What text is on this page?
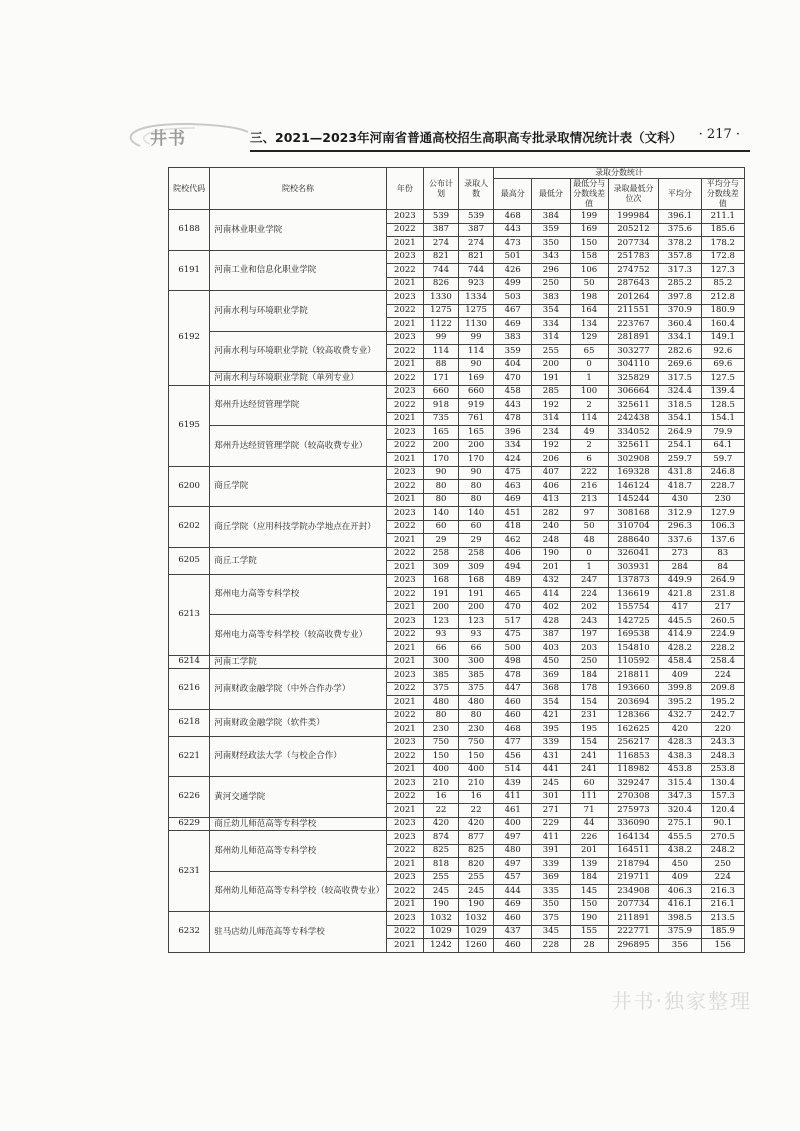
井书	三、2021—2023年河南省普通高校招生高职高专批录取情况统计表（文科） · 217 ·
院校代码	院校名称	年份	公布计划	录取人数	录取分数统计					
					最高分	最低分	最低分与分数线差值	录取最低分位次	平均分	平均分与分数线差值
6188	河南林业职业学院	2023	539	539	468	384	199	199984	396.1	211.1
		2022	387	387	443	359	169	205212	375.6	185.6
		2021	274	274	473	350	150	207734	378.2	178.2
6191	河南工业和信息化职业学院	2023	821	821	501	343	158	251783	357.8	172.8
		2022	744	744	426	296	106	274752	317.3	127.3
		2021	826	923	499	250	50	287643	285.2	85.2
6192	河南水利与环境职业学院	2023	1330	1334	503	383	198	201264	397.8	212.8
		2022	1275	1275	467	354	164	211551	370.9	180.9
		2021	1122	1130	469	334	134	223767	360.4	160.4
	河南水利与环境职业学院（较高收费专业）	2023	99	99	383	314	129	281891	334.1	149.1
		2022	114	114	359	255	65	303277	282.6	92.6
		2021	88	90	404	200	0	304110	269.6	69.6
	河南水利与环境职业学院（单列专业）	2022	171	169	470	191	1	325829	317.5	127.5
6195	郑州升达经贸管理学院	2023	660	660	458	285	100	306664	324.4	139.4
		2022	918	919	443	192	2	325611	318.5	128.5
		2021	735	761	478	314	114	242438	354.1	154.1
	郑州升达经贸管理学院（较高收费专业）	2023	165	165	396	234	49	334052	264.9	79.9
		2022	200	200	334	192	2	325611	254.1	64.1
		2021	170	170	424	206	6	302908	259.7	59.7
6200	商丘学院	2023	90	90	475	407	222	169328	431.8	246.8
		2022	80	80	463	406	216	146124	418.7	228.7
		2021	80	80	469	413	213	145244	430	230
6202	商丘学院（应用科技学院办学地点在开封）	2023	140	140	451	282	97	308168	312.9	127.9
		2022	60	60	418	240	50	310704	296.3	106.3
		2021	29	29	462	248	48	288640	337.6	137.6
6205	商丘工学院	2022	258	258	406	190	0	326041	273	83
		2021	309	309	494	201	1	303931	284	84
6213	郑州电力高等专科学校	2023	168	168	489	432	247	137873	449.9	264.9
		2022	191	191	465	414	224	136619	421.8	231.8
		2021	200	200	470	402	202	155754	417	217
	郑州电力高等专科学校（较高收费专业）	2023	123	123	517	428	243	142725	445.5	260.5
		2022	93	93	475	387	197	169538	414.9	224.9
		2021	66	66	500	403	203	154810	428.2	228.2
6214	河南工学院	2021	300	300	498	450	250	110592	458.4	258.4
6216	河南财政金融学院（中外合作办学）	2023	385	385	478	369	184	218811	409	224
		2022	375	375	447	368	178	193660	399.8	209.8
		2021	480	480	460	354	154	203694	395.2	195.2
6218	河南财政金融学院（软件类）	2022	80	80	460	421	231	128366	432.7	242.7
		2021	230	230	468	395	195	162625	420	220
6221	河南财经政法大学（与校企合作）	2023	750	750	477	339	154	256217	428.3	243.3
		2022	150	150	456	431	241	116853	438.3	248.3
		2021	400	400	514	441	241	118982	453.8	253.8
6226	黄河交通学院	2023	210	210	439	245	60	329247	315.4	130.4
		2022	16	16	411	301	111	270308	347.3	157.3
		2021	22	22	461	271	71	275973	320.4	120.4
6229	商丘幼儿师范高等专科学校	2023	420	420	400	229	44	336090	275.1	90.1
6231	郑州幼儿师范高等专科学校	2023	874	877	497	411	226	164134	455.5	270.5
		2022	825	825	480	391	201	164511	438.2	248.2
		2021	818	820	497	339	139	218794	450	250
	郑州幼儿师范高等专科学校（较高收费专业）	2023	255	255	457	369	184	219711	409	224
		2022	245	245	444	335	145	234908	406.3	216.3
		2021	190	190	469	350	150	207734	416.1	216.1
6232	驻马店幼儿师范高等专科学校	2023	1032	1032	460	375	190	211891	398.5	213.5
		2022	1029	1029	437	345	155	222771	375.9	185.9
		2021	1242	1260	460	228	28	296895	356	156
井书·独家整理
